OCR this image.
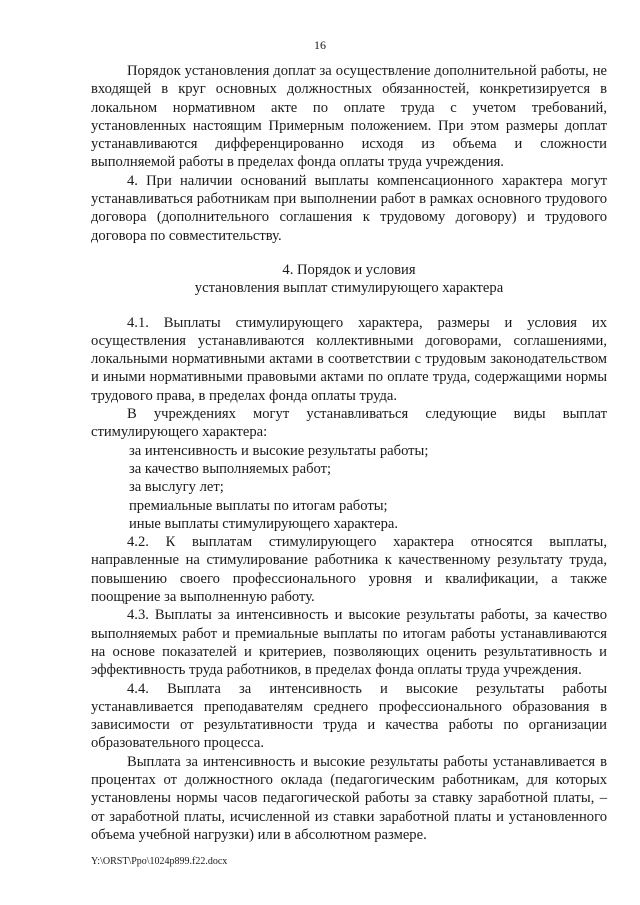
16

Порядок установления доплат за осуществление дополнительной работы, не входящей в круг основных должностных обязанностей, конкретизируется в локальном нормативном акте по оплате труда с учетом требований, установленных настоящим Примерным положением. При этом размеры доплат устанавливаются дифференцированно исходя из объема и сложности выполняемой работы в пределах фонда оплаты труда учреждения.

4. При наличии оснований выплаты компенсационного характера могут устанавливаться работникам при выполнении работ в рамках основного трудового договора (дополнительного соглашения к трудовому договору) и трудового договора по совместительству.

4. Порядок и условия
установления выплат стимулирующего характера

4.1. Выплаты стимулирующего характера, размеры и условия их осуществления устанавливаются коллективными договорами, соглашениями, локальными нормативными актами в соответствии с трудовым законодательством и иными нормативными правовыми актами по оплате труда, содержащими нормы трудового права, в пределах фонда оплаты труда.

В учреждениях могут устанавливаться следующие виды выплат стимулирующего характера:

за интенсивность и высокие результаты работы;

за качество выполняемых работ;

за выслугу лет;

премиальные выплаты по итогам работы;

иные выплаты стимулирующего характера.

4.2. К выплатам стимулирующего характера относятся выплаты, направленные на стимулирование работника к качественному результату труда, повышению своего профессионального уровня и квалификации, а также поощрение за выполненную работу.

4.3. Выплаты за интенсивность и высокие результаты работы, за качество выполняемых работ и премиальные выплаты по итогам работы устанавливаются на основе показателей и критериев, позволяющих оценить результативность и эффективность труда работников, в пределах фонда оплаты труда учреждения.

4.4. Выплата за интенсивность и высокие результаты работы устанавливается преподавателям среднего профессионального образования в зависимости от результативности труда и качества работы по организации образовательного процесса.

Выплата за интенсивность и высокие результаты работы устанавливается в процентах от должностного оклада (педагогическим работникам, для которых установлены нормы часов педагогической работы за ставку заработной платы, – от заработной платы, исчисленной из ставки заработной платы и установленного объема учебной нагрузки) или в абсолютном размере.

Y:\ORST\Ppo\1024p899.f22.docx
